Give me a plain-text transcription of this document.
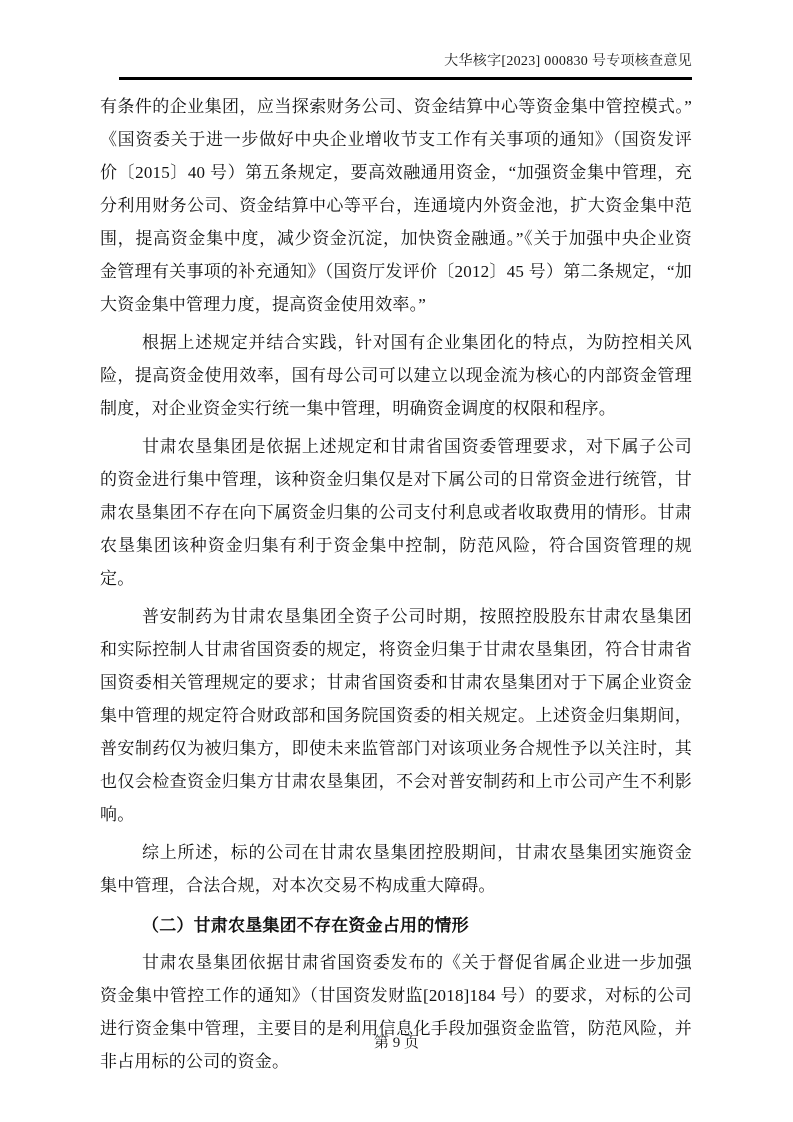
大华核字[2023] 000830 号专项核查意见

有条件的企业集团，应当探索财务公司、资金结算中心等资金集中管控模式。”《国资委关于进一步做好中央企业增收节支工作有关事项的通知》（国资发评价〔2015〕40 号）第五条规定，要高效融通用资金，“加强资金集中管理，充分利用财务公司、资金结算中心等平台，连通境内外资金池，扩大资金集中范围，提高资金集中度，减少资金沉淀，加快资金融通。”《关于加强中央企业资金管理有关事项的补充通知》（国资厅发评价〔2012〕45 号）第二条规定，“加大资金集中管理力度，提高资金使用效率。”

根据上述规定并结合实践，针对国有企业集团化的特点，为防控相关风险，提高资金使用效率，国有母公司可以建立以现金流为核心的内部资金管理制度，对企业资金实行统一集中管理，明确资金调度的权限和程序。

甘肃农垦集团是依据上述规定和甘肃省国资委管理要求，对下属子公司的资金进行集中管理，该种资金归集仅是对下属公司的日常资金进行统管，甘肃农垦集团不存在向下属资金归集的公司支付利息或者收取费用的情形。甘肃农垦集团该种资金归集有利于资金集中控制，防范风险，符合国资管理的规定。

普安制药为甘肃农垦集团全资子公司时期，按照控股股东甘肃农垦集团和实际控制人甘肃省国资委的规定，将资金归集于甘肃农垦集团，符合甘肃省国资委相关管理规定的要求；甘肃省国资委和甘肃农垦集团对于下属企业资金集中管理的规定符合财政部和国务院国资委的相关规定。上述资金归集期间，普安制药仅为被归集方，即使未来监管部门对该项业务合规性予以关注时，其也仅会检查资金归集方甘肃农垦集团，不会对普安制药和上市公司产生不利影响。

综上所述，标的公司在甘肃农垦集团控股期间，甘肃农垦集团实施资金集中管理，合法合规，对本次交易不构成重大障碍。

（二）甘肃农垦集团不存在资金占用的情形

甘肃农垦集团依据甘肃省国资委发布的《关于督促省属企业进一步加强资金集中管控工作的通知》（甘国资发财监[2018]184 号）的要求，对标的公司进行资金集中管理，主要目的是利用信息化手段加强资金监管，防范风险，并非占用标的公司的资金。

第 9 页
